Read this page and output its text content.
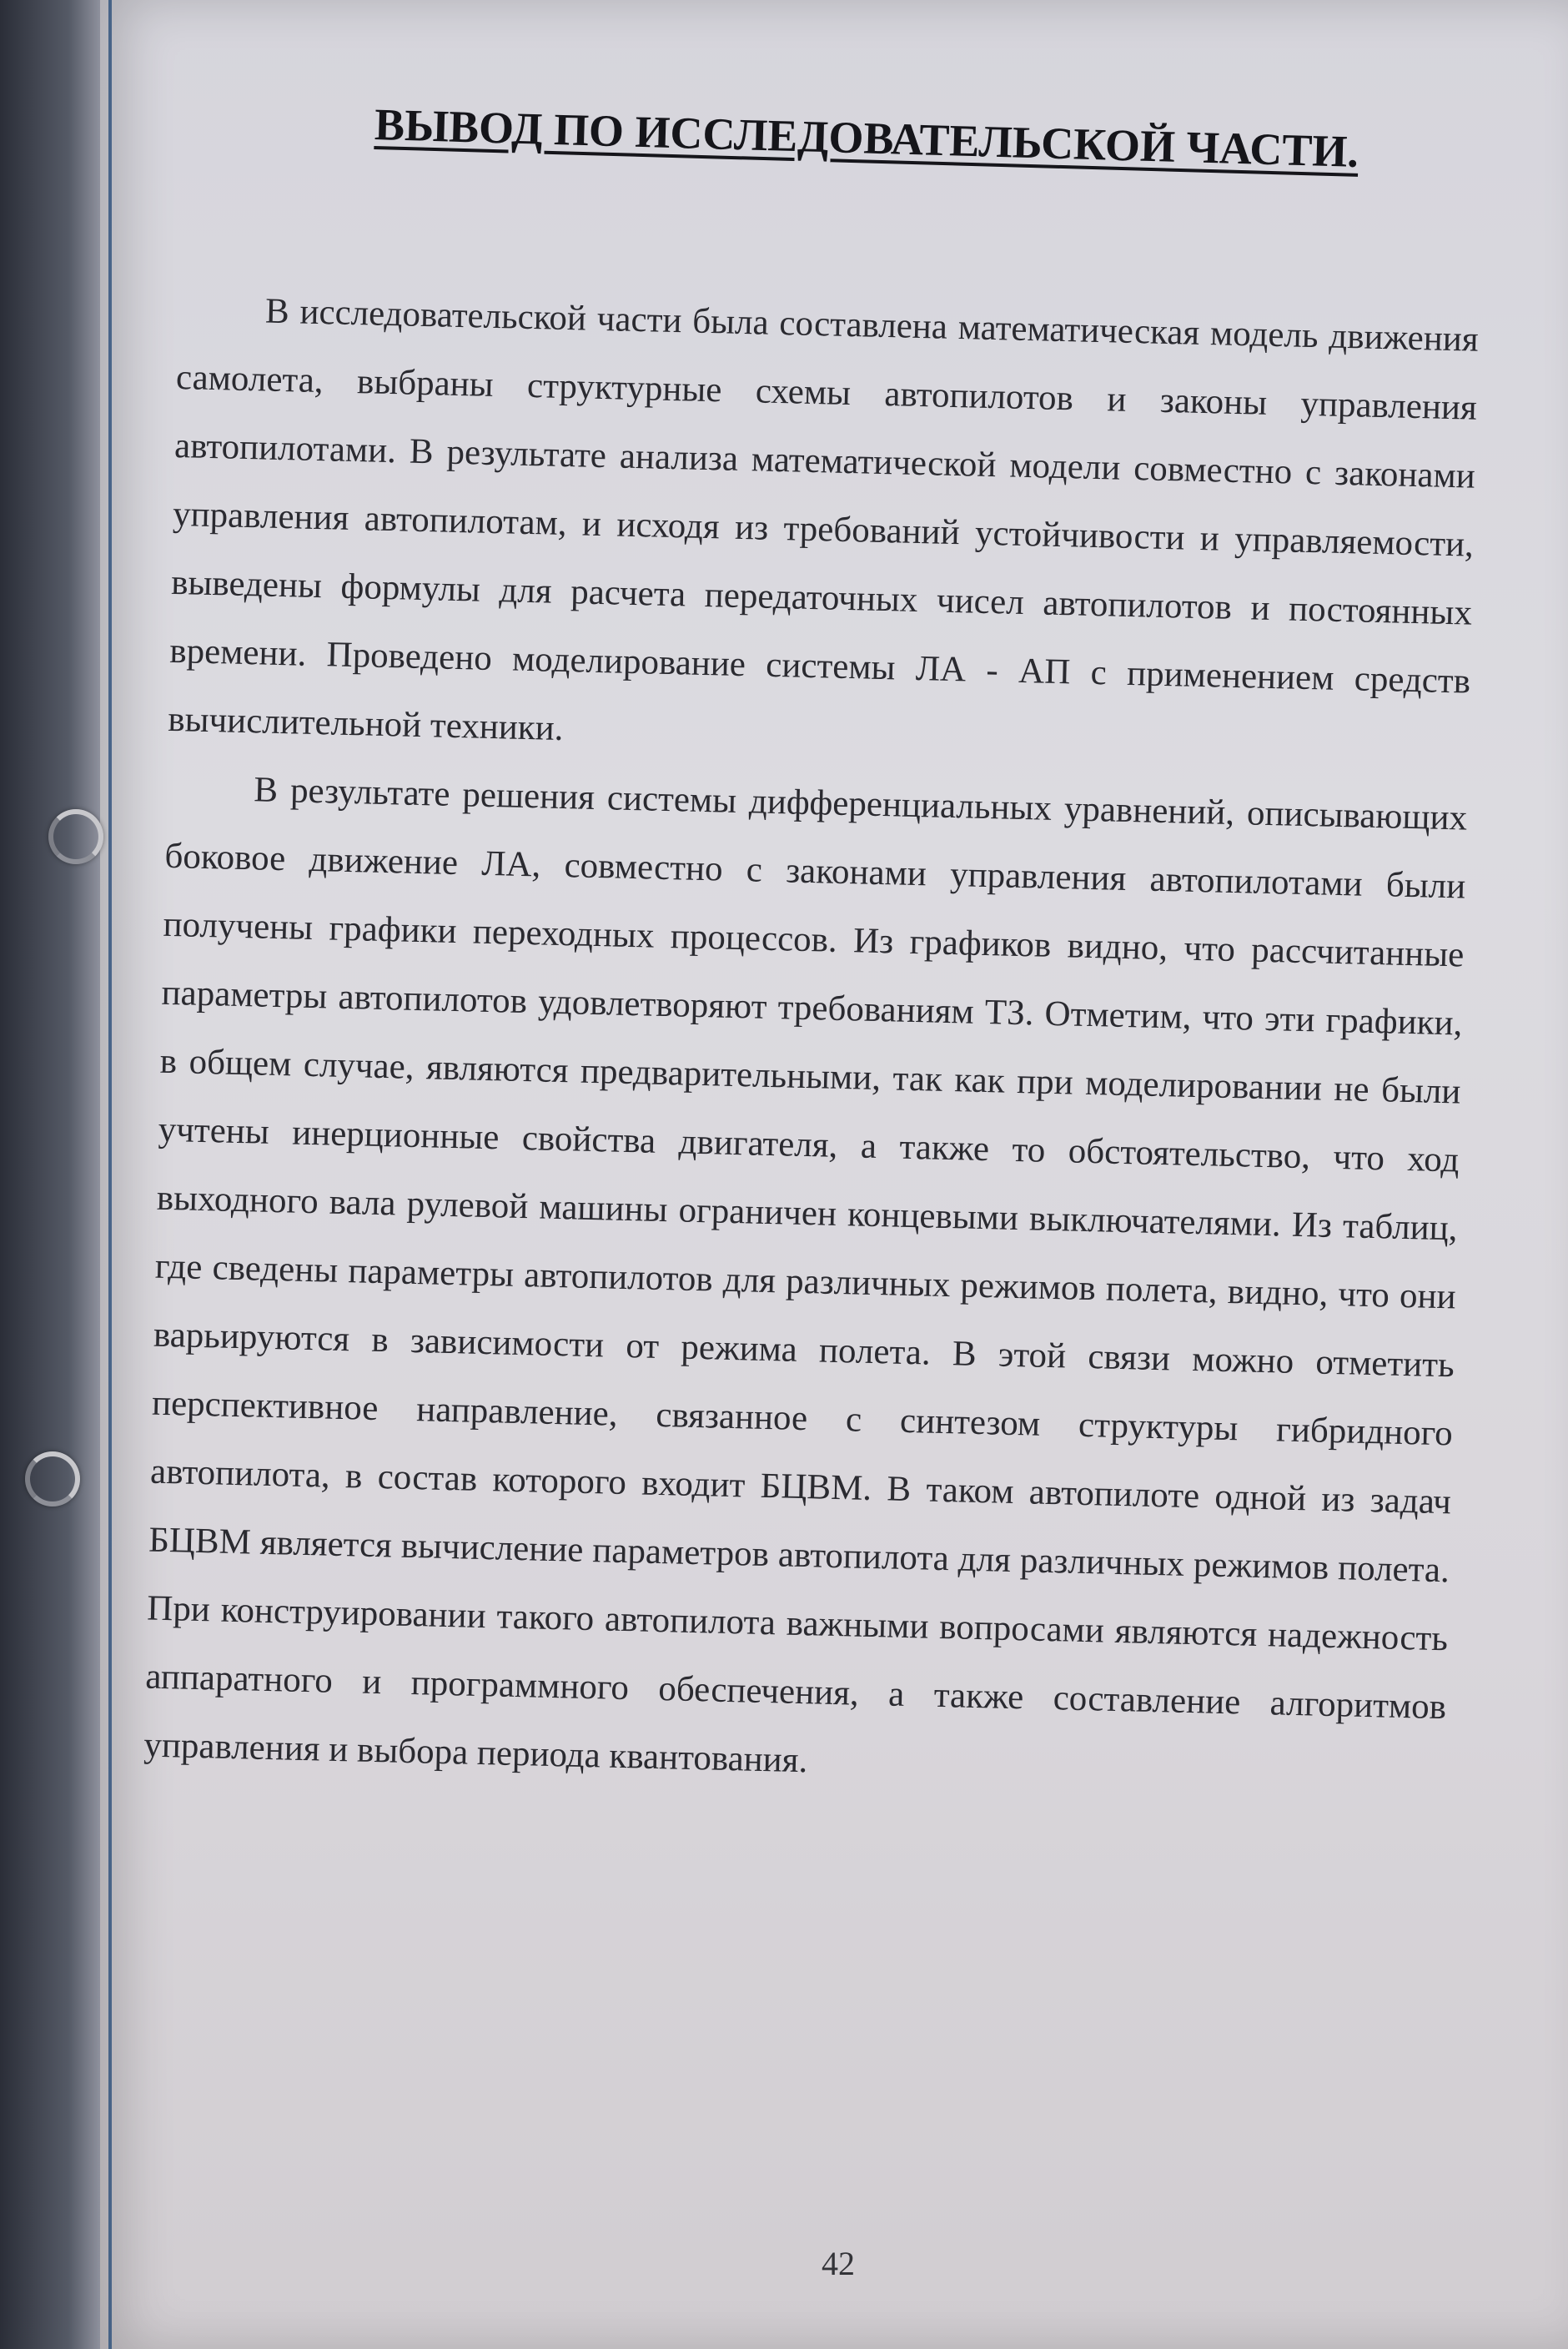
ВЫВОД ПО ИССЛЕДОВАТЕЛЬСКОЙ ЧАСТИ.

В исследовательской части была составлена математическая модель движения самолета, выбраны структурные схемы автопилотов и законы управления автопилотами. В результате анализа математической модели совместно с законами управления автопилотам, и исходя из требований устойчивости и управляемости, выведены формулы для расчета передаточных чисел автопилотов и постоянных времени. Проведено моделирование системы ЛА - АП с применением средств вычислительной техники.

В результате решения системы дифференциальных уравнений, описывающих боковое движение ЛА, совместно с законами управления автопилотами были получены графики переходных процессов. Из графиков видно, что рассчитанные параметры автопилотов удовлетворяют требованиям ТЗ. Отметим, что эти графики, в общем случае, являются предварительными, так как при моделировании не были учтены инерционные свойства двигателя, а также то обстоятельство, что ход выходного вала рулевой машины ограничен концевыми выключателями. Из таблиц, где сведены параметры автопилотов для различных режимов полета, видно, что они варьируются в зависимости от режима полета. В этой связи можно отметить перспективное направление, связанное с синтезом структуры гибридного автопилота, в состав которого входит БЦВМ. В таком автопилоте одной из задач БЦВМ является вычисление параметров автопилота для различных режимов полета. При конструировании такого автопилота важными вопросами являются надежность аппаратного и программного обеспечения, а также составление алгоритмов управления и выбора периода квантования.

42
